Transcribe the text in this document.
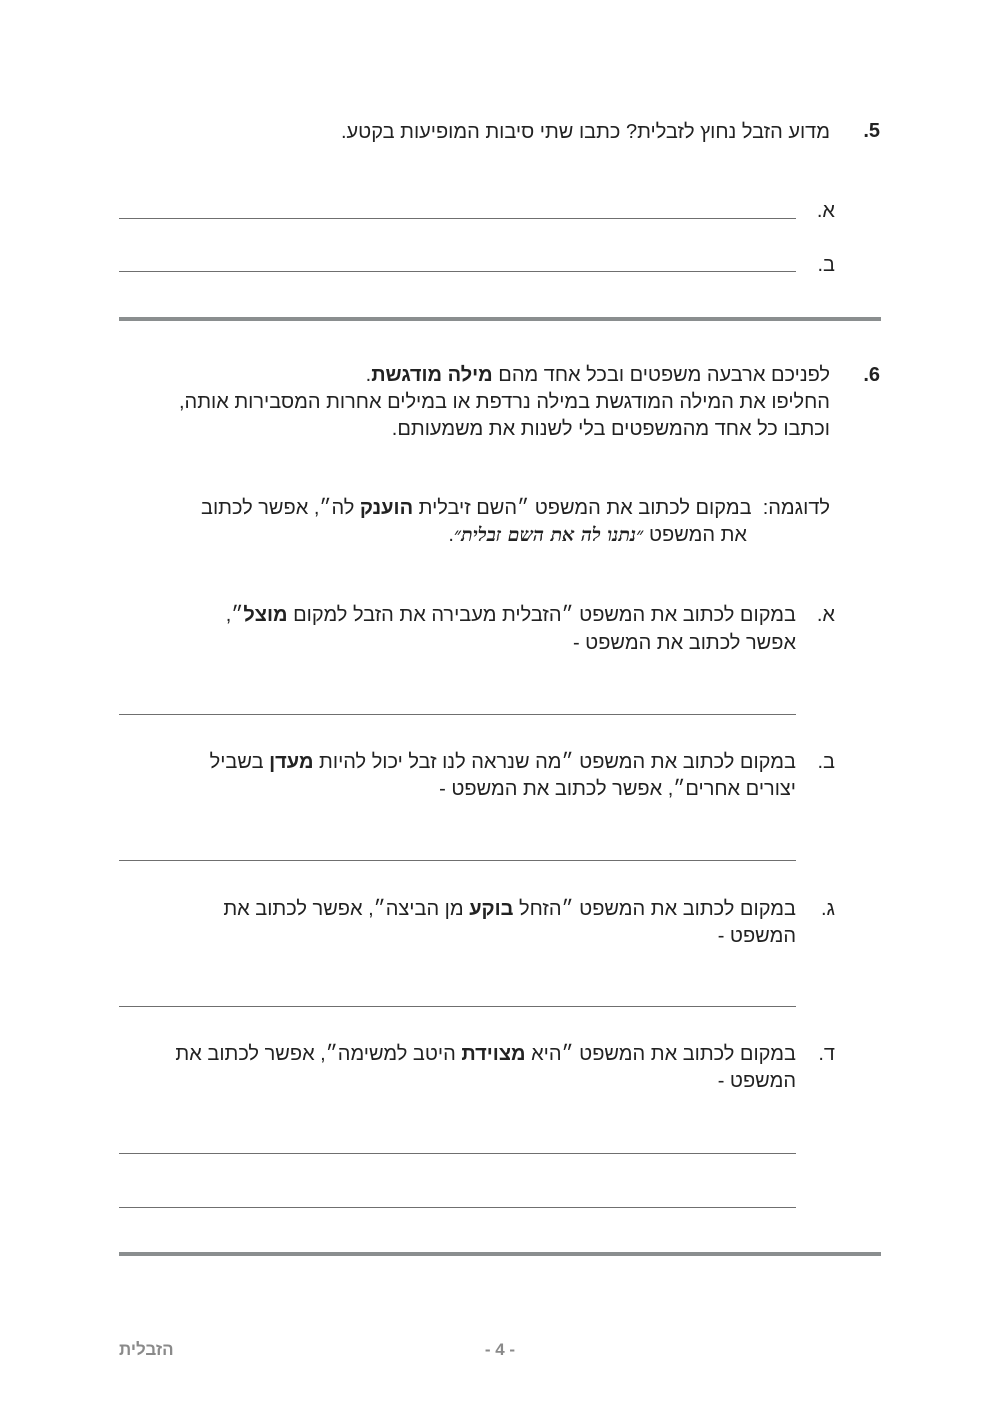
.5
מדוע הזבל נחוץ לזבלית? כתבו שתי סיבות המופיעות בקטע.
א.
ב.
.6
לפניכם ארבעה משפטים ובכל אחד מהם מילה מודגשת.
החליפו את המילה המודגשת במילה נרדפת או במילים אחרות המסבירות אותה,
וכתבו כל אחד מהמשפטים בלי לשנות את משמעותם.
לדוגמה:  במקום לכתוב את המשפט ״השם זיבלית הוענק לה״, אפשר לכתוב
את המשפט ״נתנו לה את השם זבלית״.
א.
במקום לכתוב את המשפט ״הזבלית מעבירה את הזבל למקום מוצל״,
אפשר לכתוב את המשפט -
ב.
במקום לכתוב את המשפט ״מה שנראה לנו זבל יכול להיות מעדן בשביל
יצורים אחרים״, אפשר לכתוב את המשפט -
ג.
במקום לכתוב את המשפט ״הזחל בוקע מן הביצה״, אפשר לכתוב את
המשפט -
ד.
במקום לכתוב את המשפט ״היא מצוידת היטב למשימה״, אפשר לכתוב את
המשפט -
הזבלית	- 4 -
